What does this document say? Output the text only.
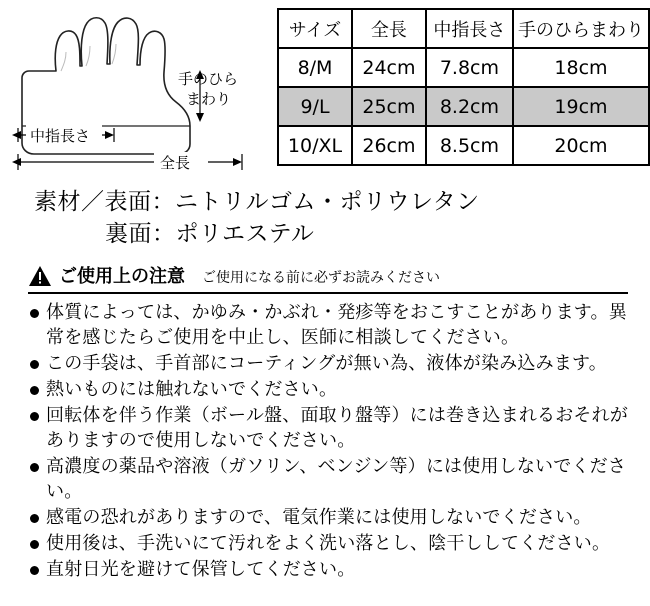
手のひら
まわり
中指長さ
全長
サイズ	全長	中指長さ	手のひらまわり
8/M	24cm	7.8cm	18cm
9/L	25cm	8.2cm	19cm
10/XL	26cm	8.5cm	20cm
素材／表面：ニトリルゴム・ポリウレタン
裏面：ポリエステル
ご使用上の注意 ご使用になる前に必ずお読みください
体質によっては、かゆみ・かぶれ・発疹等をおこすことがあります。異常を感じたらご使用を中止し、医師に相談してください。
この手袋は、手首部にコーティングが無い為、液体が染み込みます。
熱いものには触れないでください。
回転体を伴う作業（ボール盤、面取り盤等）には巻き込まれるおそれがありますので使用しないでください。
高濃度の薬品や溶液（ガソリン、ベンジン等）には使用しないでください。
感電の恐れがありますので、電気作業には使用しないでください。
使用後は、手洗いにて汚れをよく洗い落とし、陰干ししてください。
直射日光を避けて保管してください。
